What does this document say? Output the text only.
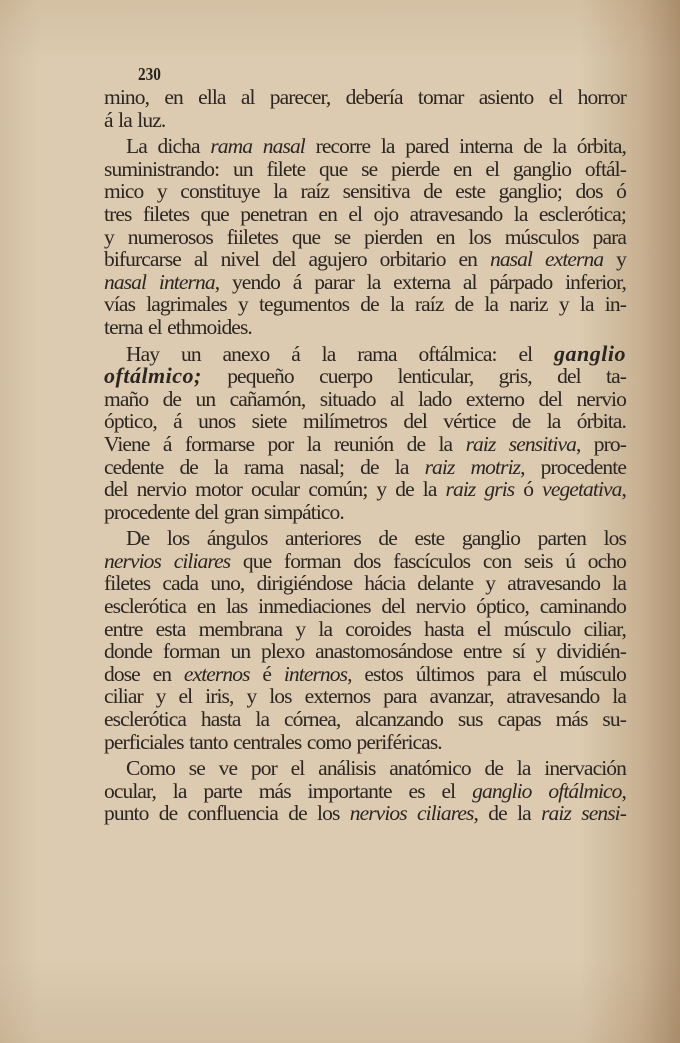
230
mino, en ella al parecer, debería tomar asiento el horror
á la luz.
La dicha rama nasal recorre la pared interna de la órbita,
suministrando: un filete que se pierde en el ganglio oftál-
mico y constituye la raíz sensitiva de este ganglio; dos ó
tres filetes que penetran en el ojo atravesando la esclerótica;
y numerosos fiiletes que se pierden en los músculos para
bifurcarse al nivel del agujero orbitario en nasal externa y
nasal interna, yendo á parar la externa al párpado inferior,
vías lagrimales y tegumentos de la raíz de la nariz y la in-
terna el ethmoides.
Hay un anexo á la rama oftálmica: el ganglio
oftálmico; pequeño cuerpo lenticular, gris, del ta-
maño de un cañamón, situado al lado externo del nervio
óptico, á unos siete milímetros del vértice de la órbita.
Viene á formarse por la reunión de la raiz sensitiva, pro-
cedente de la rama nasal; de la raiz motriz, procedente
del nervio motor ocular común; y de la raiz gris ó vegetativa,
procedente del gran simpático.
De los ángulos anteriores de este ganglio parten los
nervios ciliares que forman dos fascículos con seis ú ocho
filetes cada uno, dirigiéndose hácia delante y atravesando la
esclerótica en las inmediaciones del nervio óptico, caminando
entre esta membrana y la coroides hasta el músculo ciliar,
donde forman un plexo anastomosándose entre sí y dividién-
dose en externos é internos, estos últimos para el músculo
ciliar y el iris, y los externos para avanzar, atravesando la
esclerótica hasta la córnea, alcanzando sus capas más su-
perficiales tanto centrales como periféricas.
Como se ve por el análisis anatómico de la inervación
ocular, la parte más importante es el ganglio oftálmico,
punto de confluencia de los nervios ciliares, de la raiz sensi-
